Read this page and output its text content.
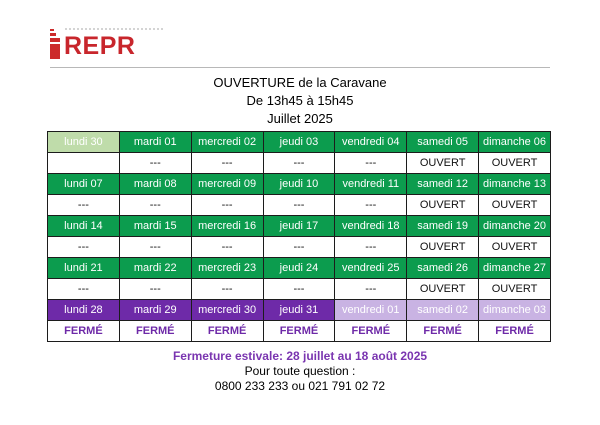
REPR
OUVERTURE de la Caravane
De 13h45 à 15h45
Juillet 2025
lundi 30	mardi 01	mercredi 02	jeudi 03	vendredi 04	samedi 05	dimanche 06
	---	---	---	---	OUVERT	OUVERT
lundi 07	mardi 08	mercredi 09	jeudi 10	vendredi 11	samedi 12	dimanche 13
---	---	---	---	---	OUVERT	OUVERT
lundi 14	mardi 15	mercredi 16	jeudi 17	vendredi 18	samedi 19	dimanche 20
---	---	---	---	---	OUVERT	OUVERT
lundi 21	mardi 22	mercredi 23	jeudi 24	vendredi 25	samedi 26	dimanche 27
---	---	---	---	---	OUVERT	OUVERT
lundi 28	mardi 29	mercredi 30	jeudi 31	vendredi 01	samedi 02	dimanche 03
FERMÉ	FERMÉ	FERMÉ	FERMÉ	FERMÉ	FERMÉ	FERMÉ
Fermeture estivale: 28 juillet au 18 août 2025
Pour toute question :
0800 233 233 ou 021 791 02 72
